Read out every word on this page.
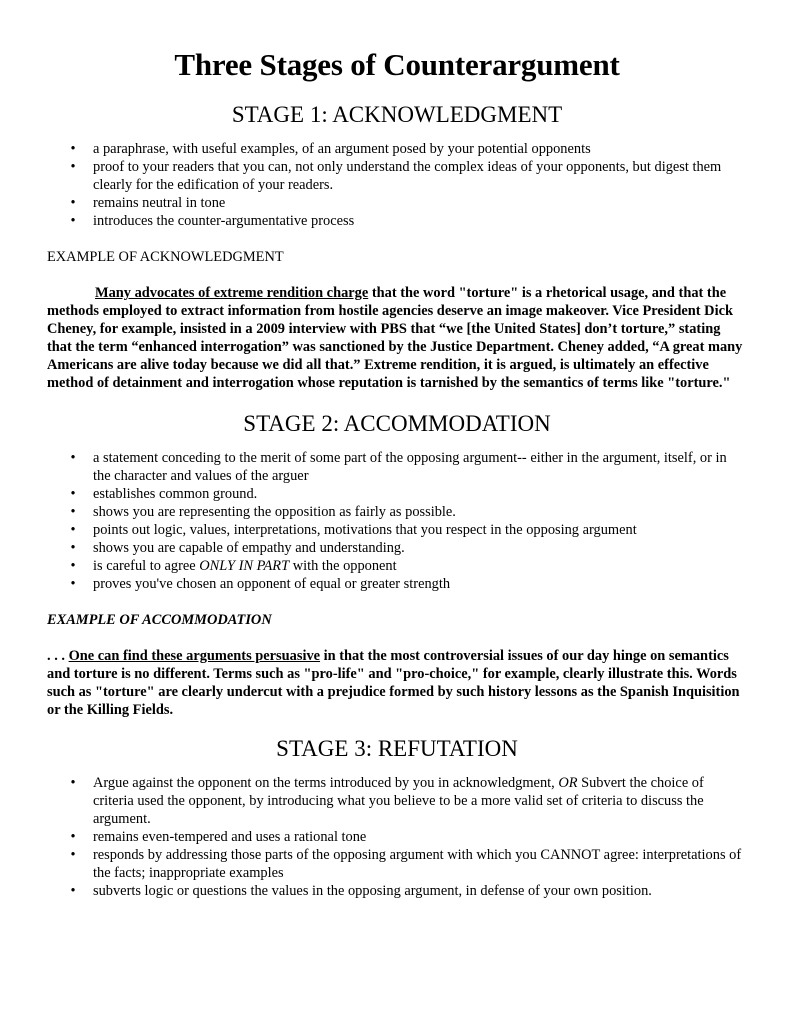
Three Stages of Counterargument
STAGE 1: ACKNOWLEDGMENT
• a paraphrase, with useful examples, of an argument posed by your potential opponents
• proof to your readers that you can, not only understand the complex ideas of your opponents, but digest them clearly for the edification of your readers.
• remains neutral in tone
• introduces the counter-argumentative process
EXAMPLE OF ACKNOWLEDGMENT
Many advocates of extreme rendition charge that the word "torture" is a rhetorical usage, and that the methods employed to extract information from hostile agencies deserve an image makeover. Vice President Dick Cheney, for example, insisted in a 2009 interview with PBS that “we [the United States] don’t torture,” stating that the term “enhanced interrogation” was sanctioned by the Justice Department. Cheney added, “A great many Americans are alive today because we did all that.” Extreme rendition, it is argued, is ultimately an effective method of detainment and interrogation whose reputation is tarnished by the semantics of terms like "torture."
STAGE 2: ACCOMMODATION
• a statement conceding to the merit of some part of the opposing argument-- either in the argument, itself, or in the character and values of the arguer
• establishes common ground.
• shows you are representing the opposition as fairly as possible.
• points out logic, values, interpretations, motivations that you respect in the opposing argument
• shows you are capable of empathy and understanding.
• is careful to agree ONLY IN PART with the opponent
• proves you've chosen an opponent of equal or greater strength
EXAMPLE OF ACCOMMODATION
. . . One can find these arguments persuasive in that the most controversial issues of our day hinge on semantics and torture is no different. Terms such as "pro-life" and "pro-choice," for example, clearly illustrate this. Words such as "torture" are clearly undercut with a prejudice formed by such history lessons as the Spanish Inquisition or the Killing Fields.
STAGE 3: REFUTATION
• Argue against the opponent on the terms introduced by you in acknowledgment, OR Subvert the choice of criteria used the opponent, by introducing what you believe to be a more valid set of criteria to discuss the argument.
• remains even-tempered and uses a rational tone
• responds by addressing those parts of the opposing argument with which you CANNOT agree: interpretations of the facts; inappropriate examples
• subverts logic or questions the values in the opposing argument, in defense of your own position.
